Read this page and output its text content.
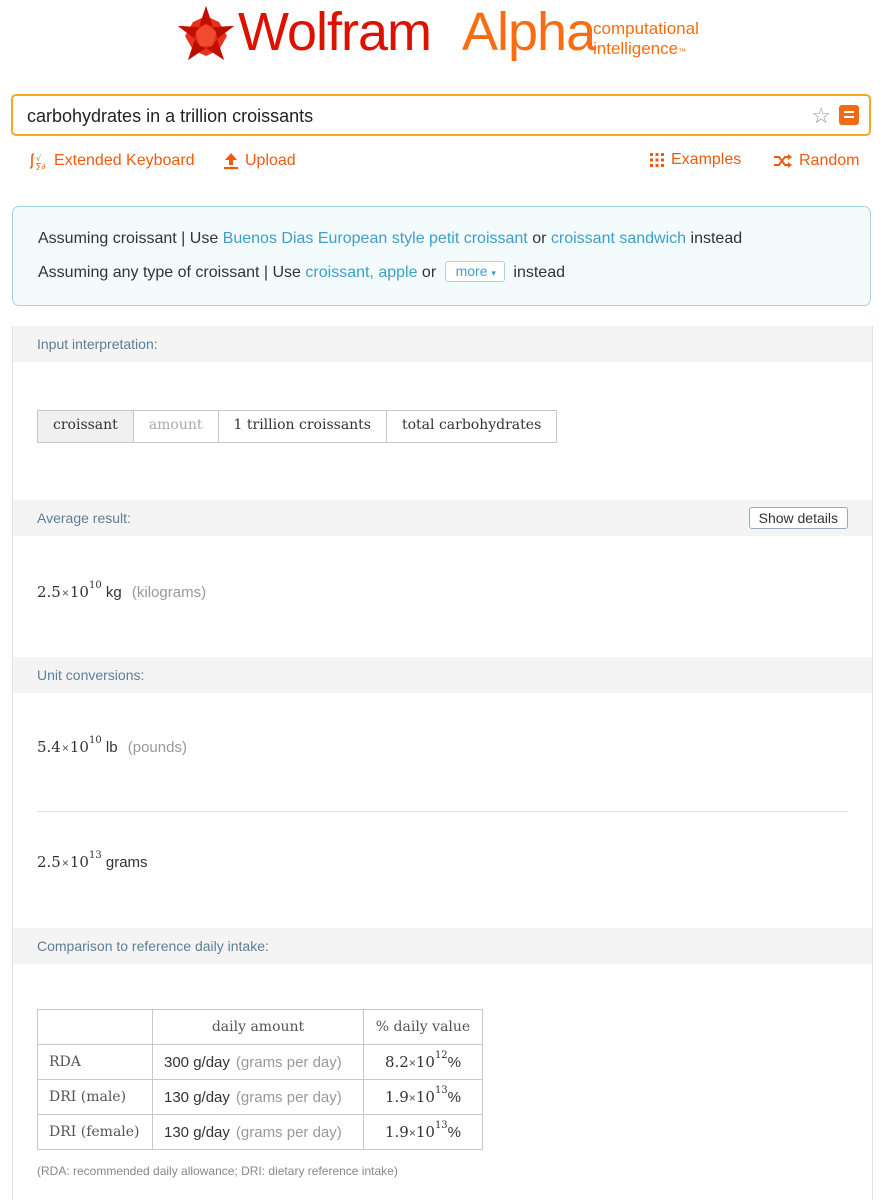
Wolfram Alpha
computational
intelligence™
carbohydrates in a trillion croissants	☆
√
∑∂ Extended Keyboard	Upload	Examples	Random
Assuming croissant | Use Buenos Dias European style petit croissant or croissant sandwich instead
Assuming any type of croissant | Use croissant, apple or more ▾ instead
Input interpretation:
croissant	amount	1 trillion croissants	total carbohydrates
Average result:	Show details
$2.5\times 10^{10}$ kg (kilograms)
Unit conversions:
$5.4\times 10^{10}$ lb (pounds)
$2.5\times 10^{13}$ grams
Comparison to reference daily intake:
	daily amount	% daily value
RDA	300 g/day (grams per day)	$8.2\times 10^{12}\%$
DRI (male)	130 g/day (grams per day)	$1.9\times 10^{13}\%$
DRI (female)	130 g/day (grams per day)	$1.9\times 10^{13}\%$
(RDA: recommended daily allowance; DRI: dietary reference intake)
